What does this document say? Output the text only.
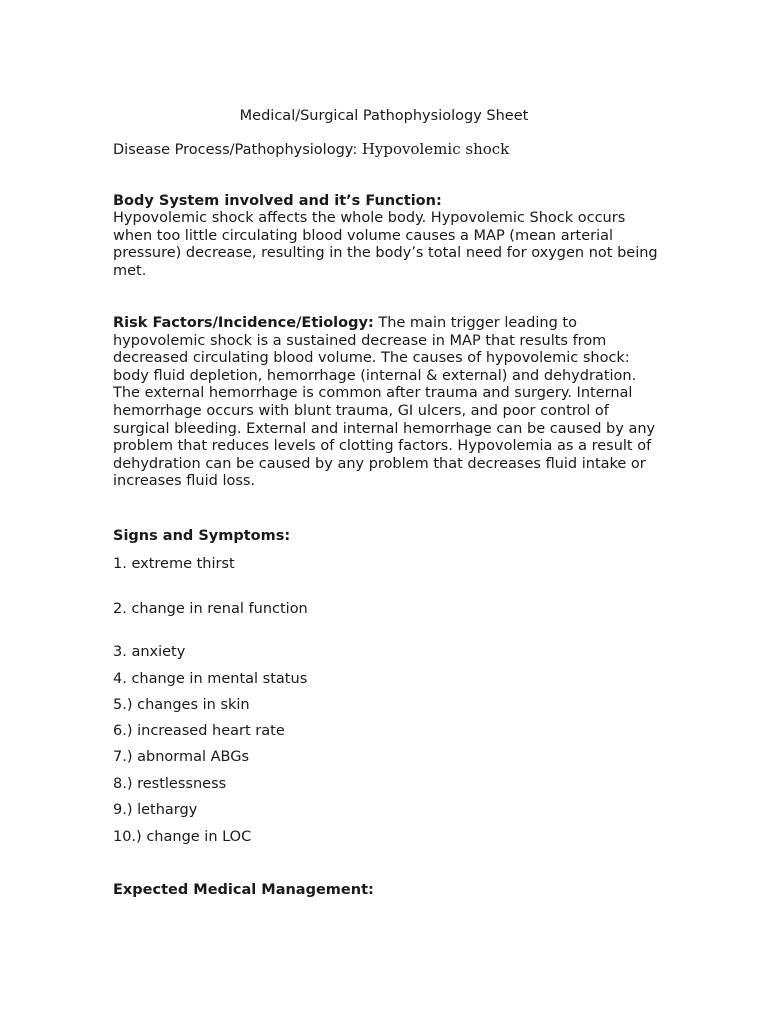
Medical/Surgical Pathophysiology Sheet
Disease Process/Pathophysiology: Hypovolemic shock
Body System involved and it’s Function:
Hypovolemic shock affects the whole body. Hypovolemic Shock occurs when too little circulating blood volume causes a MAP (mean arterial pressure) decrease, resulting in the body’s total need for oxygen not being met.
Risk Factors/Incidence/Etiology: The main trigger leading to hypovolemic shock is a sustained decrease in MAP that results from decreased circulating blood volume. The causes of hypovolemic shock: body fluid depletion, hemorrhage (internal & external) and dehydration. The external hemorrhage is common after trauma and surgery. Internal hemorrhage occurs with blunt trauma, GI ulcers, and poor control of surgical bleeding. External and internal hemorrhage can be caused by any problem that reduces levels of clotting factors. Hypovolemia as a result of dehydration can be caused by any problem that decreases fluid intake or increases fluid loss.
Signs and Symptoms:
1. extreme thirst
2. change in renal function
3. anxiety
4. change in mental status
5.) changes in skin
6.) increased heart rate
7.) abnormal ABGs
8.) restlessness
9.) lethargy
10.) change in LOC
Expected Medical Management:
